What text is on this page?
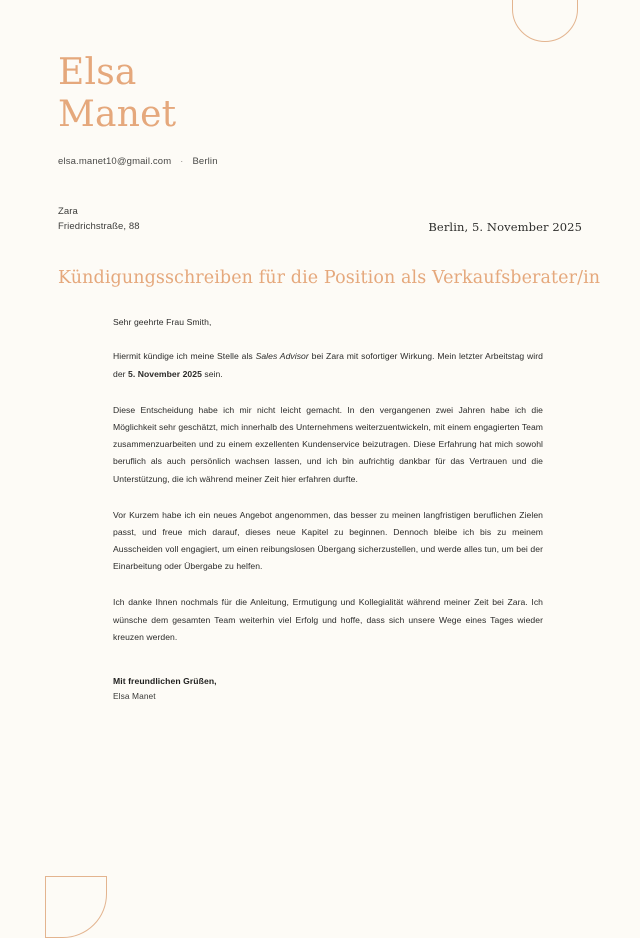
Elsa
Manet
elsa.manet10@gmail.com · Berlin
Zara
Friedrichstraße, 88	Berlin, 5. November 2025
Kündigungsschreiben für die Position als Verkaufsberater/in
Sehr geehrte Frau Smith,

Hiermit kündige ich meine Stelle als Sales Advisor bei Zara mit sofortiger Wirkung. Mein letzter Arbeitstag wird der 5. November 2025 sein.

Diese Entscheidung habe ich mir nicht leicht gemacht. In den vergangenen zwei Jahren habe ich die Möglichkeit sehr geschätzt, mich innerhalb des Unternehmens weiterzuentwickeln, mit einem engagierten Team zusammenzuarbeiten und zu einem exzellenten Kundenservice beizutragen. Diese Erfahrung hat mich sowohl beruflich als auch persönlich wachsen lassen, und ich bin aufrichtig dankbar für das Vertrauen und die Unterstützung, die ich während meiner Zeit hier erfahren durfte.

Vor Kurzem habe ich ein neues Angebot angenommen, das besser zu meinen langfristigen beruflichen Zielen passt, und freue mich darauf, dieses neue Kapitel zu beginnen. Dennoch bleibe ich bis zu meinem Ausscheiden voll engagiert, um einen reibungslosen Übergang sicherzustellen, und werde alles tun, um bei der Einarbeitung oder Übergabe zu helfen.

Ich danke Ihnen nochmals für die Anleitung, Ermutigung und Kollegialität während meiner Zeit bei Zara. Ich wünsche dem gesamten Team weiterhin viel Erfolg und hoffe, dass sich unsere Wege eines Tages wieder kreuzen werden.

Mit freundlichen Grüßen,
Elsa Manet
